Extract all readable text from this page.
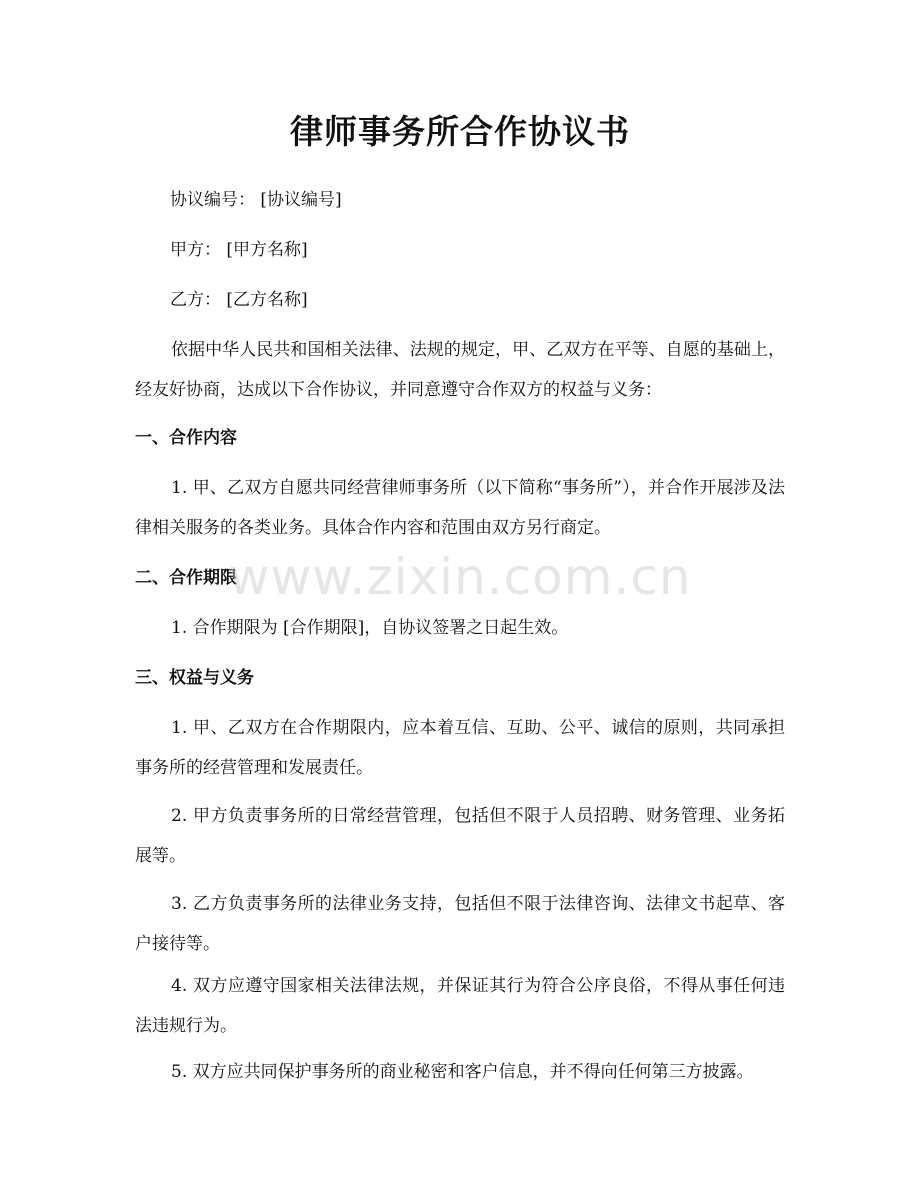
律师事务所合作协议书
协议编号： [协议编号]
甲方： [甲方名称]
乙方： [乙方名称]
依据中华人民共和国相关法律、法规的规定，甲、乙双方在平等、自愿的基础上，经友好协商，达成以下合作协议，并同意遵守合作双方的权益与义务：
一、合作内容
1. 甲、乙双方自愿共同经营律师事务所（以下简称“事务所”），并合作开展涉及法律相关服务的各类业务。具体合作内容和范围由双方另行商定。
二、合作期限
1. 合作期限为 [合作期限]，自协议签署之日起生效。
三、权益与义务
1. 甲、乙双方在合作期限内，应本着互信、互助、公平、诚信的原则，共同承担事务所的经营管理和发展责任。
2. 甲方负责事务所的日常经营管理，包括但不限于人员招聘、财务管理、业务拓展等。
3. 乙方负责事务所的法律业务支持，包括但不限于法律咨询、法律文书起草、客户接待等。
4. 双方应遵守国家相关法律法规，并保证其行为符合公序良俗，不得从事任何违法违规行为。
5. 双方应共同保护事务所的商业秘密和客户信息，并不得向任何第三方披露。
www.zixin.com.cn
